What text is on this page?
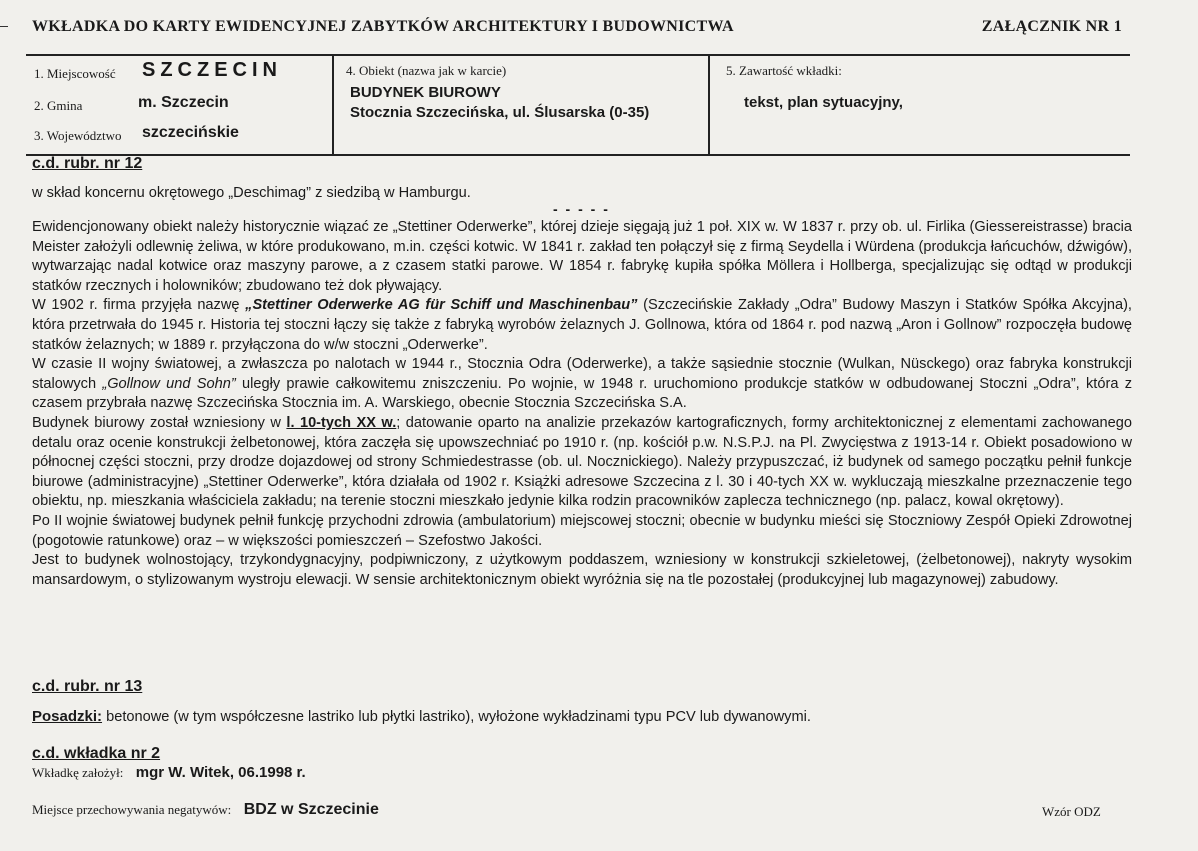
WKŁADKA DO KARTY EWIDENCYJNEJ ZABYTKÓW ARCHITEKTURY I BUDOWNICTWA	ZAŁĄCZNIK NR 1
1. Miejscowość SZCZECIN
2. Gmina	m. Szczecin
3. Województwo szczecińskie
4. Obiekt (nazwa jak w karcie)
BUDYNEK BIUROWY
Stocznia Szczecińska, ul. Ślusarska (0-35)
5. Zawartość wkładki:
tekst, plan sytuacyjny,
c.d. rubr. nr 12
w skład koncernu okrętowego „Deschimag” z siedzibą w Hamburgu.
- - - - -

Ewidencjonowany obiekt należy historycznie wiązać ze „Stettiner Oderwerke”, której dzieje sięgają już 1 poł. XIX w. W 1837 r. przy ob. ul. Firlika (Giessereistrasse) bracia Meister założyli odlewnię żeliwa, w które produkowano, m.in. części kotwic. W 1841 r. zakład ten połączył się z firmą Seydella i Würdena (produkcja łańcuchów, dźwigów), wytwarzając nadal kotwice oraz maszyny parowe, a z czasem statki parowe. W 1854 r. fabrykę kupiła spółka Möllera i Hollberga, specjalizując się odtąd w produkcji statków rzecznych i holowników; zbudowano też dok pływający.

W 1902 r. firma przyjęła nazwę „Stettiner Oderwerke AG für Schiff und Maschinenbau” (Szczecińskie Zakłady „Odra” Budowy Maszyn i Statków Spółka Akcyjna), która przetrwała do 1945 r. Historia tej stoczni łączy się także z fabryką wyrobów żelaznych J. Gollnowa, która od 1864 r. pod nazwą „Aron i Gollnow” rozpoczęła budowę statków żelaznych; w 1889 r. przyłączona do w/w stoczni „Oderwerke”.

W czasie II wojny światowej, a zwłaszcza po nalotach w 1944 r., Stocznia Odra (Oderwerke), a także sąsiednie stocznie (Wulkan, Nüsckego) oraz fabryka konstrukcji stalowych „Gollnow und Sohn” uległy prawie całkowitemu zniszczeniu. Po wojnie, w 1948 r. uruchomiono produkcje statków w odbudowanej Stoczni „Odra”, która z czasem przybrała nazwę Szczecińska Stocznia im. A. Warskiego, obecnie Stocznia Szczecińska S.A.

Budynek biurowy został wzniesiony w l. 10-tych XX w.; datowanie oparto na analizie przekazów kartograficznych, formy architektonicznej z elementami zachowanego detalu oraz ocenie konstrukcji żelbetonowej, która zaczęła się upowszechniać po 1910 r. (np. kościół p.w. N.S.P.J. na Pl. Zwycięstwa z 1913-14 r. Obiekt posadowiono w północnej części stoczni, przy drodze dojazdowej od strony Schmiedestrasse (ob. ul. Nocznickiego). Należy przypuszczać, iż budynek od samego początku pełnił funkcje biurowe (administracyjne) „Stettiner Oderwerke”, która działała od 1902 r. Książki adresowe Szczecina z l. 30 i 40-tych XX w. wykluczają mieszkalne przeznaczenie tego obiektu, np. mieszkania właściciela zakładu; na terenie stoczni mieszkało jedynie kilka rodzin pracowników zaplecza technicznego (np. palacz, kowal okrętowy).

Po II wojnie światowej budynek pełnił funkcję przychodni zdrowia (ambulatorium) miejscowej stoczni; obecnie w budynku mieści się Stoczniowy Zespół Opieki Zdrowotnej (pogotowie ratunkowe) oraz – w większości pomieszczeń – Szefostwo Jakości.

Jest to budynek wolnostojący, trzykondygnacyjny, podpiwniczony, z użytkowym poddaszem, wzniesiony w konstrukcji szkieletowej, (żelbetonowej), nakryty wysokim mansardowym, o stylizowanym wystroju elewacji. W sensie architektonicznym obiekt wyróżnia się na tle pozostałej (produkcyjnej lub magazynowej) zabudowy.

c.d. rubr. nr 13
Posadzki: betonowe (w tym współczesne lastriko lub płytki lastriko), wyłożone wykładzinami typu PCV lub dywanowymi.
c.d. wkładka nr 2
Wkładkę założył: mgr W. Witek, 06.1998 r.
Miejsce przechowywania negatywów: BDZ w Szczecinie	Wzór ODZ
